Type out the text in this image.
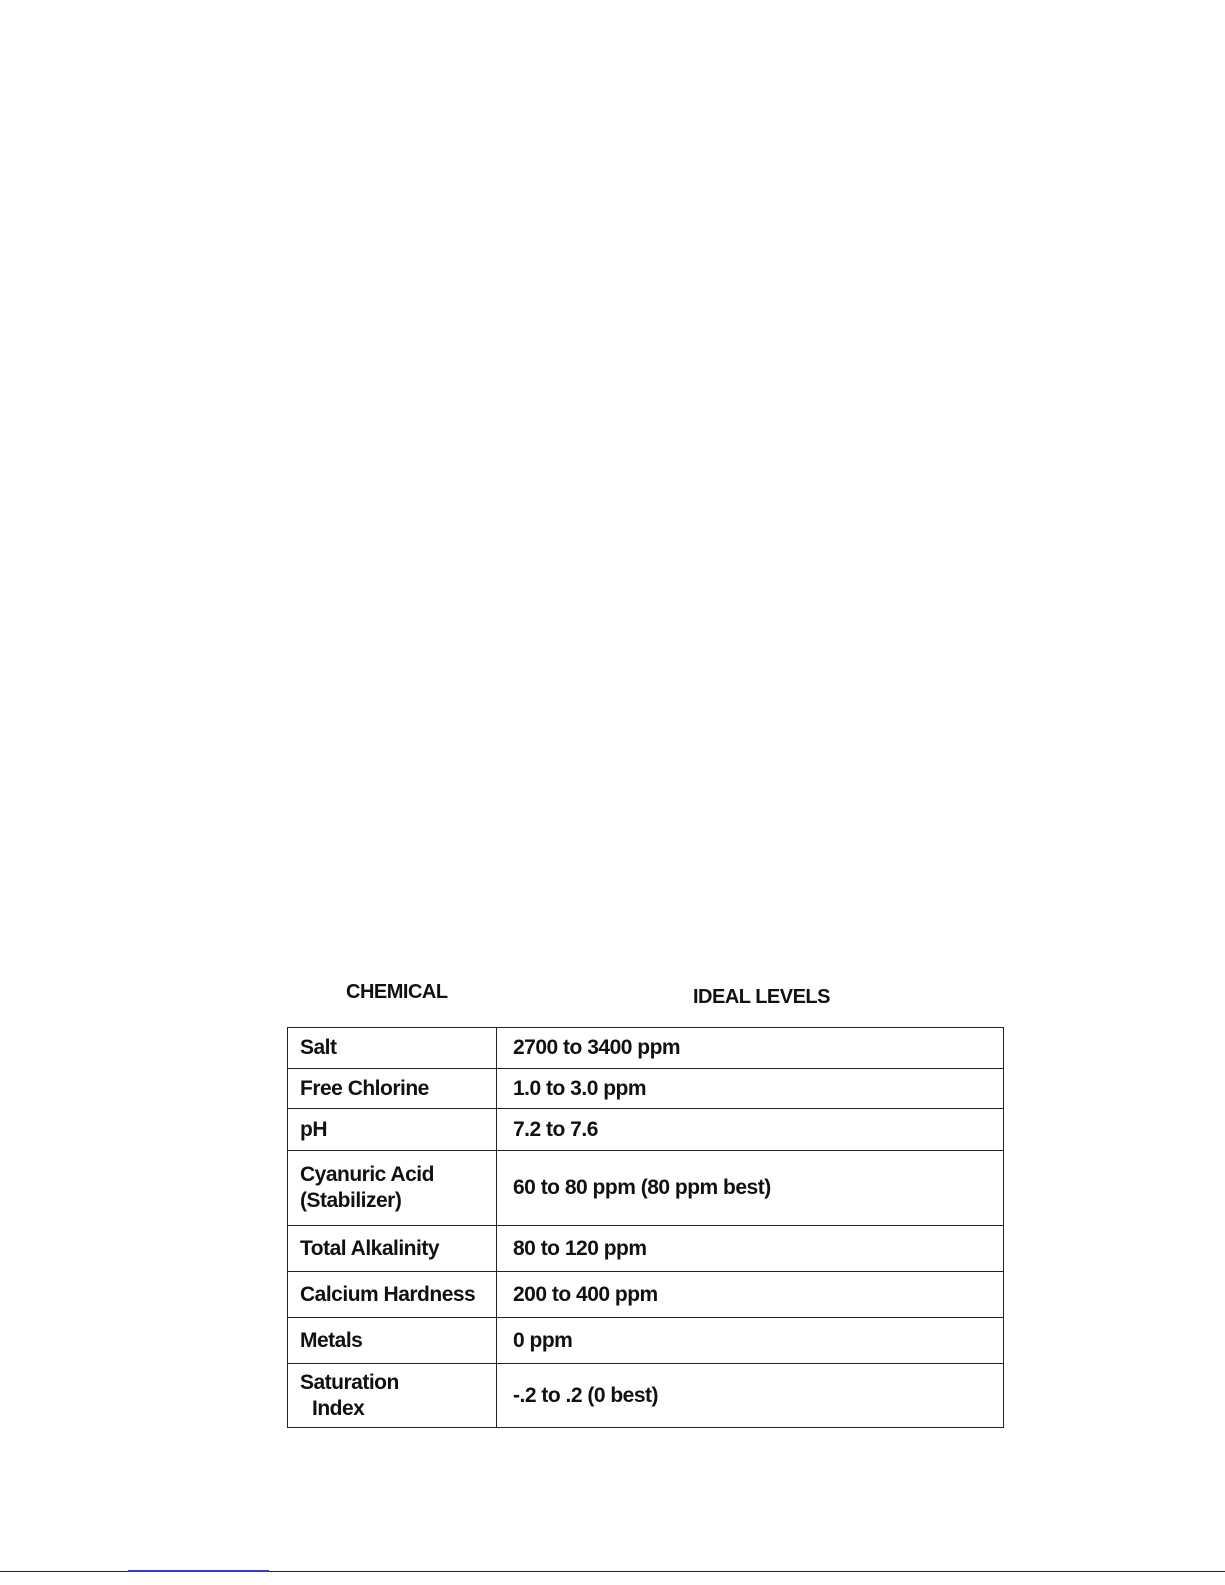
CHEMICAL	IDEAL LEVELS
Salt	2700 to 3400 ppm
Free Chlorine	1.0 to 3.0 ppm
pH	7.2 to 7.6

Cyanuric Acid
(Stabilizer)	60 to 80 ppm (80 ppm best)
Total Alkalinity	80 to 120 ppm
Calcium Hardness	200 to 400 ppm
Metals	0 ppm

Saturation
Index	-.2 to .2 (0 best)
